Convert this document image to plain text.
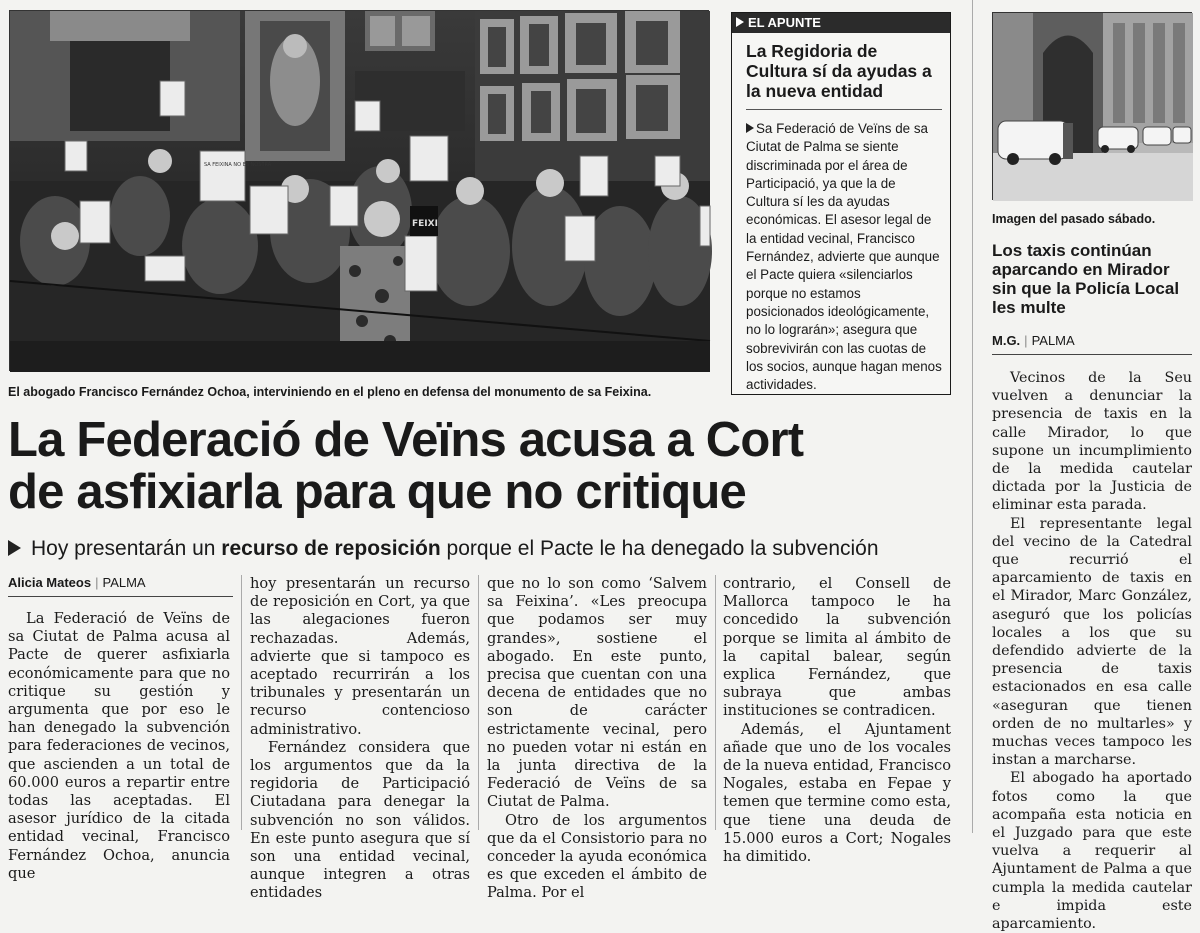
SA FEIXINA NO ES NOSTRA
FEIXI
El abogado Francisco Fernández Ochoa, interviniendo en el pleno en defensa del monumento de sa Feixina.
EL APUNTE
La Regidoria de Cultura sí da ayudas a la nueva entidad
Sa Federació de Veïns de sa Ciutat de Palma se siente discriminada por el área de Participació, ya que la de Cultura sí les da ayudas económicas. El asesor legal de la entidad vecinal, Francisco Fernández, advierte que aunque el Pacte quiera «silenciarlos porque no estamos posicionados ideológicamente, no lo lograrán»; asegura que sobrevivirán con las cuotas de los socios, aunque hagan menos actividades.
La Federació de Veïns acusa a Cort
de asfixiarla para que no critique
Hoy presentarán un recurso de reposición porque el Pacte le ha denegado la subvención
Alicia Mateos | PALMA

La Federació de Veïns de sa Ciutat de Palma acusa al Pacte de querer asfixiarla económicamente para que no critique su gestión y argumenta que por eso le han denegado la subvención para federaciones de vecinos, que ascienden a un total de 60.000 euros a repartir entre todas las aceptadas. El asesor jurídico de la citada entidad vecinal, Francisco Fernández Ochoa, anuncia que

hoy presentarán un recurso de reposición en Cort, ya que las alegaciones fueron rechazadas. Además, advierte que si tampoco es aceptado recurrirán a los tribunales y presentarán un recurso contencioso administrativo.

Fernández considera que los argumentos que da la regidoria de Participació Ciutadana para denegar la subvención no son válidos. En este punto asegura que sí son una entidad vecinal, aunque integren a otras entidades

que no lo son como ‘Salvem sa Feixina’. «Les preocupa que podamos ser muy grandes», sostiene el abogado. En este punto, precisa que cuentan con una decena de entidades que no son de carácter estrictamente vecinal, pero no pueden votar ni están en la junta directiva de la Federació de Veïns de sa Ciutat de Palma.

Otro de los argumentos que da el Consistorio para no conceder la ayuda económica es que exceden el ámbito de Palma. Por el

contrario, el Consell de Mallorca tampoco le ha concedido la subvención porque se limita al ámbito de la capital balear, según explica Fernández, que subraya que ambas instituciones se contradicen.

Además, el Ajuntament añade que uno de los vocales de la nueva entidad, Francisco Nogales, estaba en Fepae y temen que termine como esta, que tiene una deuda de 15.000 euros a Cort; Nogales ha dimitido.

Imagen del pasado sábado.
Los taxis continúan aparcando en Mirador sin que la Policía Local les multe
M.G. | PALMA

Vecinos de la Seu vuelven a denunciar la presencia de taxis en la calle Mirador, lo que supone un incumplimiento de la medida cautelar dictada por la Justicia de eliminar esta parada.

El representante legal del vecino de la Catedral que recurrió el aparcamiento de taxis en el Mirador, Marc González, aseguró que los policías locales a los que su defendido advierte de la presencia de taxis estacionados en esa calle «aseguran que tienen orden de no multarles» y muchas veces tampoco les instan a marcharse.

El abogado ha aportado fotos como la que acompaña esta noticia en el Juzgado para que este vuelva a requerir al Ajuntament de Palma a que cumpla la medida cautelar e impida este aparcamiento.
